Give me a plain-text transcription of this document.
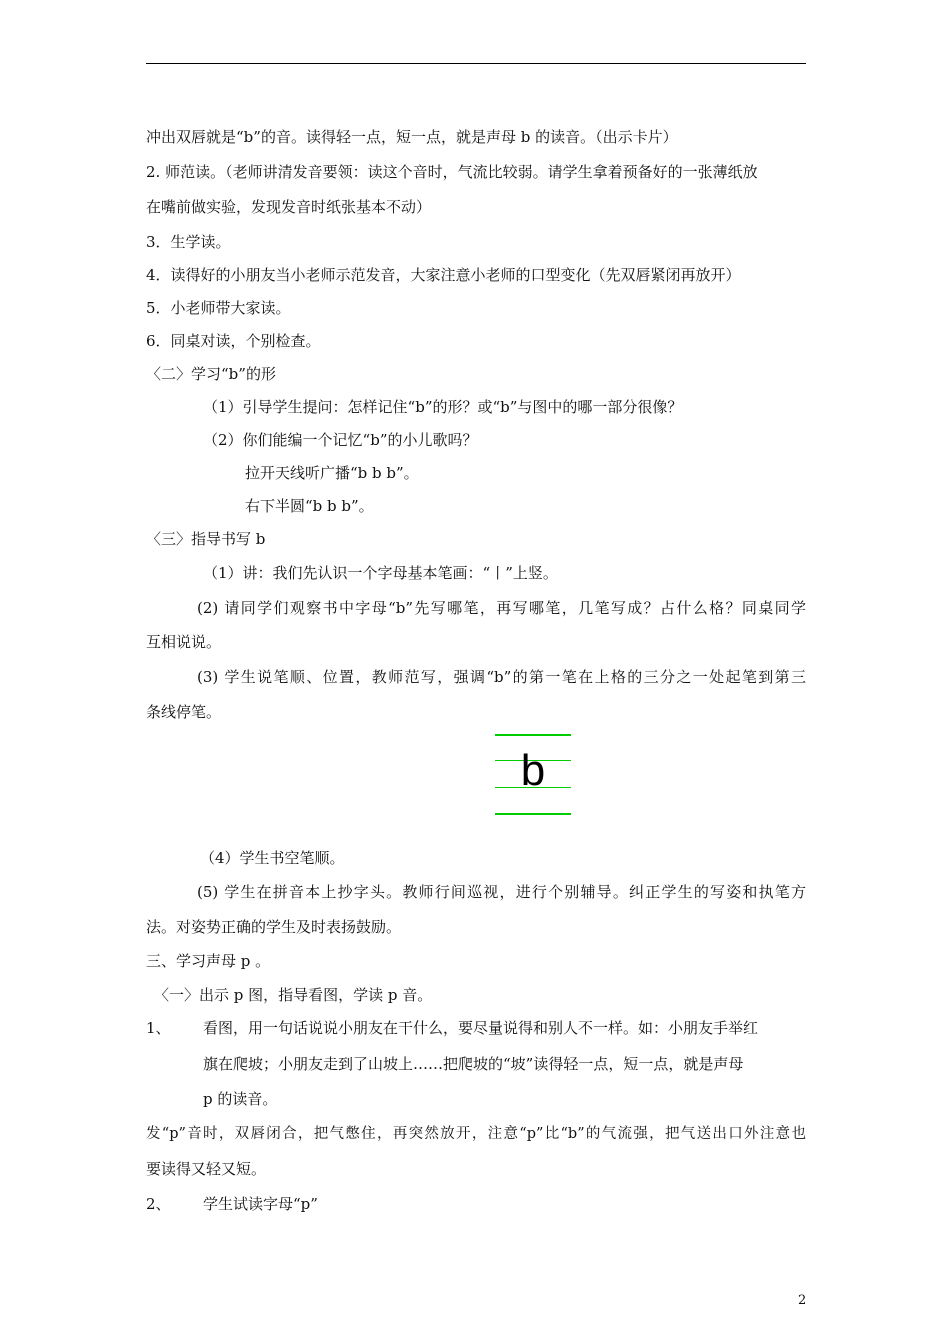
冲出双唇就是“b”的音。读得轻一点，短一点，就是声母 b 的读音。（出示卡片）
2. 师范读。（老师讲清发音要领：读这个音时，气流比较弱。请学生拿着预备好的一张薄纸放
在嘴前做实验，发现发音时纸张基本不动）
3．生学读。
4．读得好的小朋友当小老师示范发音，大家注意小老师的口型变化（先双唇紧闭再放开）
5．小老师带大家读。
6．同桌对读，个别检查。
〈二〉学习“b”的形
（1）引导学生提问：怎样记住“b”的形？或“b”与图中的哪一部分很像？
（2）你们能编一个记忆“b”的小儿歌吗？
拉开天线听广播“b b b”。
右下半圆“b b b”。
〈三〉指导书写 b
（1）讲：我们先认识一个字母基本笔画：“丨”上竖。
(2) 请同学们观察书中字母“b”先写哪笔，再写哪笔，几笔写成？占什么格？同桌同学
互相说说。
(3) 学生说笔顺、位置，教师范写，强调“b”的第一笔在上格的三分之一处起笔到第三
条线停笔。
b
（4）学生书空笔顺。
(5) 学生在拼音本上抄字头。教师行间巡视，进行个别辅导。纠正学生的写姿和执笔方
法。对姿势正确的学生及时表扬鼓励。
三、学习声母 p 。
〈一〉出示 p 图，指导看图，学读 p 音。
1、 看图，用一句话说说小朋友在干什么，要尽量说得和别人不一样。如：小朋友手举红
旗在爬坡；小朋友走到了山坡上……把爬坡的“坡”读得轻一点，短一点，就是声母
p 的读音。
发“p”音时，双唇闭合，把气憋住，再突然放开，注意“p”比“b”的气流强，把气送出口外注意也
要读得又轻又短。
2、 学生试读字母“p”
2
